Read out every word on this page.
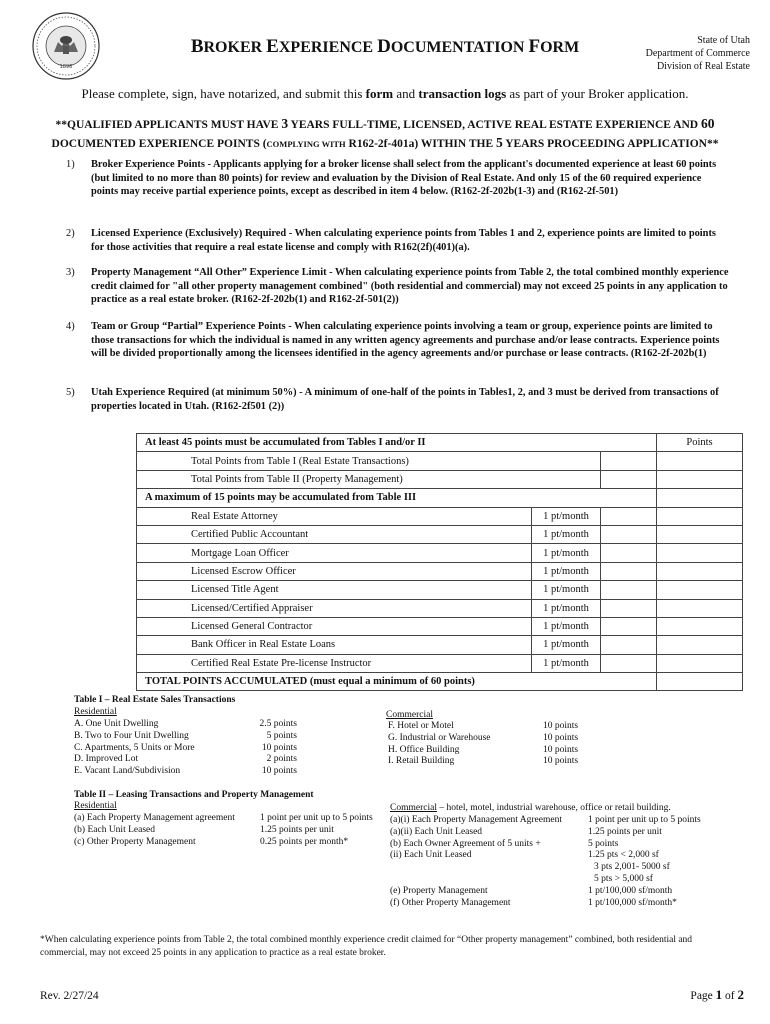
1896
BROKER EXPERIENCE DOCUMENTATION FORM	State of Utah
Department of Commerce
Division of Real Estate
Please complete, sign, have notarized, and submit this form and transaction logs as part of your Broker application.
**QUALIFIED APPLICANTS MUST HAVE 3 YEARS FULL-TIME, LICENSED, ACTIVE REAL ESTATE EXPERIENCE AND 60
DOCUMENTED EXPERIENCE POINTS (COMPLYING WITH R162-2f-401a) WITHIN THE 5 YEARS PROCEEDING APPLICATION**
1)	Broker Experience Points - Applicants applying for a broker license shall select from the applicant's documented experience at least 60 points (but limited to no more than 80 points) for review and evaluation by the Division of Real Estate. And only 15 of the 60 required experience points may receive partial experience points, except as described in item 4 below. (R162-2f-202b(1-3) and (R162-2f-501)
2)	Licensed Experience (Exclusively) Required - When calculating experience points from Tables 1 and 2, experience points are limited to points for those activities that require a real estate license and comply with R162(2f)(401)(a).
3)	Property Management “All Other” Experience Limit - When calculating experience points from Table 2, the total combined monthly experience credit claimed for "all other property management combined" (both residential and commercial) may not exceed 25 points in any application to practice as a real estate broker. (R162-2f-202b(1) and R162-2f-501(2))
4)	Team or Group “Partial” Experience Points - When calculating experience points involving a team or group, experience points are limited to those transactions for which the individual is named in any written agency agreements and purchase and/or lease contracts. Experience points will be divided proportionally among the licensees identified in the agency agreements and/or purchase or lease contracts. (R162-2f-202b(1)
5)	Utah Experience Required (at minimum 50%) - A minimum of one-half of the points in Tables1, 2, and 3 must be derived from transactions of properties located in Utah. (R162-2f501 (2))
At least 45 points must be accumulated from Tables I and/or II			Points
Total Points from Table I (Real Estate Transactions)			
Total Points from Table II (Property Management)			
A maximum of 15 points may be accumulated from Table III			
Real Estate Attorney	1 pt/month		
Certified Public Accountant	1 pt/month		
Mortgage Loan Officer	1 pt/month		
Licensed Escrow Officer	1 pt/month		
Licensed Title Agent	1 pt/month		
Licensed/Certified Appraiser	1 pt/month		
Licensed General Contractor	1 pt/month		
Bank Officer in Real Estate Loans	1 pt/month		
Certified Real Estate Pre-license Instructor	1 pt/month		
TOTAL POINTS ACCUMULATED (must equal a minimum of 60 points)			
Table I – Real Estate Sales Transactions
Residential
A. One Unit Dwelling	2.5 points
B. Two to Four Unit Dwelling	5 points
C. Apartments, 5 Units or More	10 points
D. Improved Lot	2 points
E. Vacant Land/Subdivision	10 points
Commercial
F. Hotel or Motel	10 points
G. Industrial or Warehouse	10 points
H. Office Building	10 points
I. Retail Building	10 points
Table II – Leasing Transactions and Property Management
Residential
(a) Each Property Management agreement	1 point per unit up to 5 points
(b) Each Unit Leased	1.25 points per unit
(c) Other Property Management	0.25 points per month*
Commercial – hotel, motel, industrial warehouse, office or retail building.
(a)(i) Each Property Management Agreement	1 point per unit up to 5 points
(a)(ii) Each Unit Leased	1.25 points per unit
(b) Each Owner Agreement of 5 units +	5 points
(ii) Each Unit Leased	1.25 pts < 2,000 sf
3 pts 2,001- 5000 sf
5 pts > 5,000 sf
(e) Property Management	1 pt/100,000 sf/month
(f) Other Property Management	1 pt/100,000 sf/month*
*When calculating experience points from Table 2, the total combined monthly experience credit claimed for “Other property management” combined, both residential and commercial, may not exceed 25 points in any application to practice as a real estate broker.
Rev. 2/27/24	Page 1 of 2
